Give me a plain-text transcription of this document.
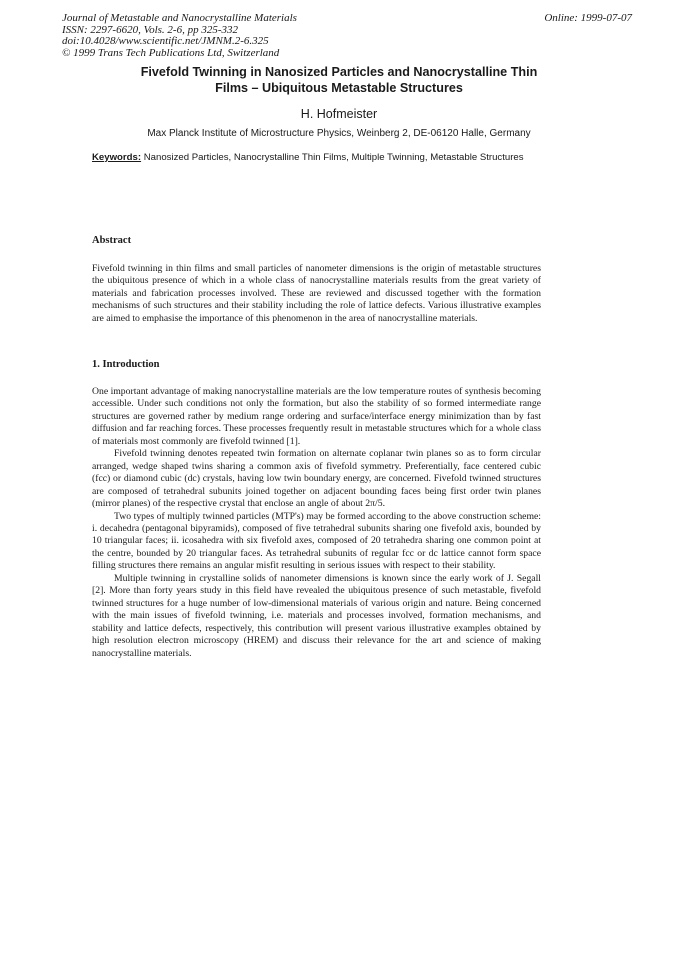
Journal of Metastable and Nanocrystalline Materials
ISSN: 2297-6620, Vols. 2-6, pp 325-332
doi:10.4028/www.scientific.net/JMNM.2-6.325
© 1999 Trans Tech Publications Ltd, Switzerland
Online: 1999-07-07
Fivefold Twinning in Nanosized Particles and Nanocrystalline Thin
Films – Ubiquitous Metastable Structures
H. Hofmeister
Max Planck Institute of Microstructure Physics, Weinberg 2, DE-06120 Halle, Germany
Keywords: Nanosized Particles, Nanocrystalline Thin Films, Multiple Twinning, Metastable Structures
Abstract

Fivefold twinning in thin films and small particles of nanometer dimensions is the origin of metastable structures the ubiquitous presence of which in a whole class of nanocrystalline materials results from the great variety of materials and fabrication processes involved. These are reviewed and discussed together with the formation mechanisms of such structures and their stability including the role of lattice defects. Various illustrative examples are aimed to emphasise the importance of this phenomenon in the area of nanocrystalline materials.

1. Introduction

One important advantage of making nanocrystalline materials are the low temperature routes of synthesis becoming accessible. Under such conditions not only the formation, but also the stability of so formed intermediate range structures are governed rather by medium range ordering and surface/interface energy minimization than by fast diffusion and far reaching forces. These processes frequently result in metastable structures which for a whole class of materials most commonly are fivefold twinned [1].

Fivefold twinning denotes repeated twin formation on alternate coplanar twin planes so as to form circular arranged, wedge shaped twins sharing a common axis of fivefold symmetry. Preferentially, face centered cubic (fcc) or diamond cubic (dc) crystals, having low twin boundary energy, are concerned. Fivefold twinned structures are composed of tetrahedral subunits joined together on adjacent bounding faces being first order twin planes (mirror planes) of the respective crystal that enclose an angle of about 2π/5.

Two types of multiply twinned particles (MTP's) may be formed according to the above construction scheme: i. decahedra (pentagonal bipyramids), composed of five tetrahedral subunits sharing one fivefold axis, bounded by 10 triangular faces; ii. icosahedra with six fivefold axes, composed of 20 tetrahedra sharing one common point at the centre, bounded by 20 triangular faces. As tetrahedral subunits of regular fcc or dc lattice cannot form space filling structures there remains an angular misfit resulting in serious issues with respect to their stability.

Multiple twinning in crystalline solids of nanometer dimensions is known since the early work of J. Segall [2]. More than forty years study in this field have revealed the ubiquitous presence of such metastable, fivefold twinned structures for a huge number of low-dimensional materials of various origin and nature. Being concerned with the main issues of fivefold twinning, i.e. materials and processes involved, formation mechanisms, and stability and lattice defects, respectively, this contribution will present various illustrative examples obtained by high resolution electron microscopy (HREM) and discuss their relevance for the art and science of making nanocrystalline materials.
